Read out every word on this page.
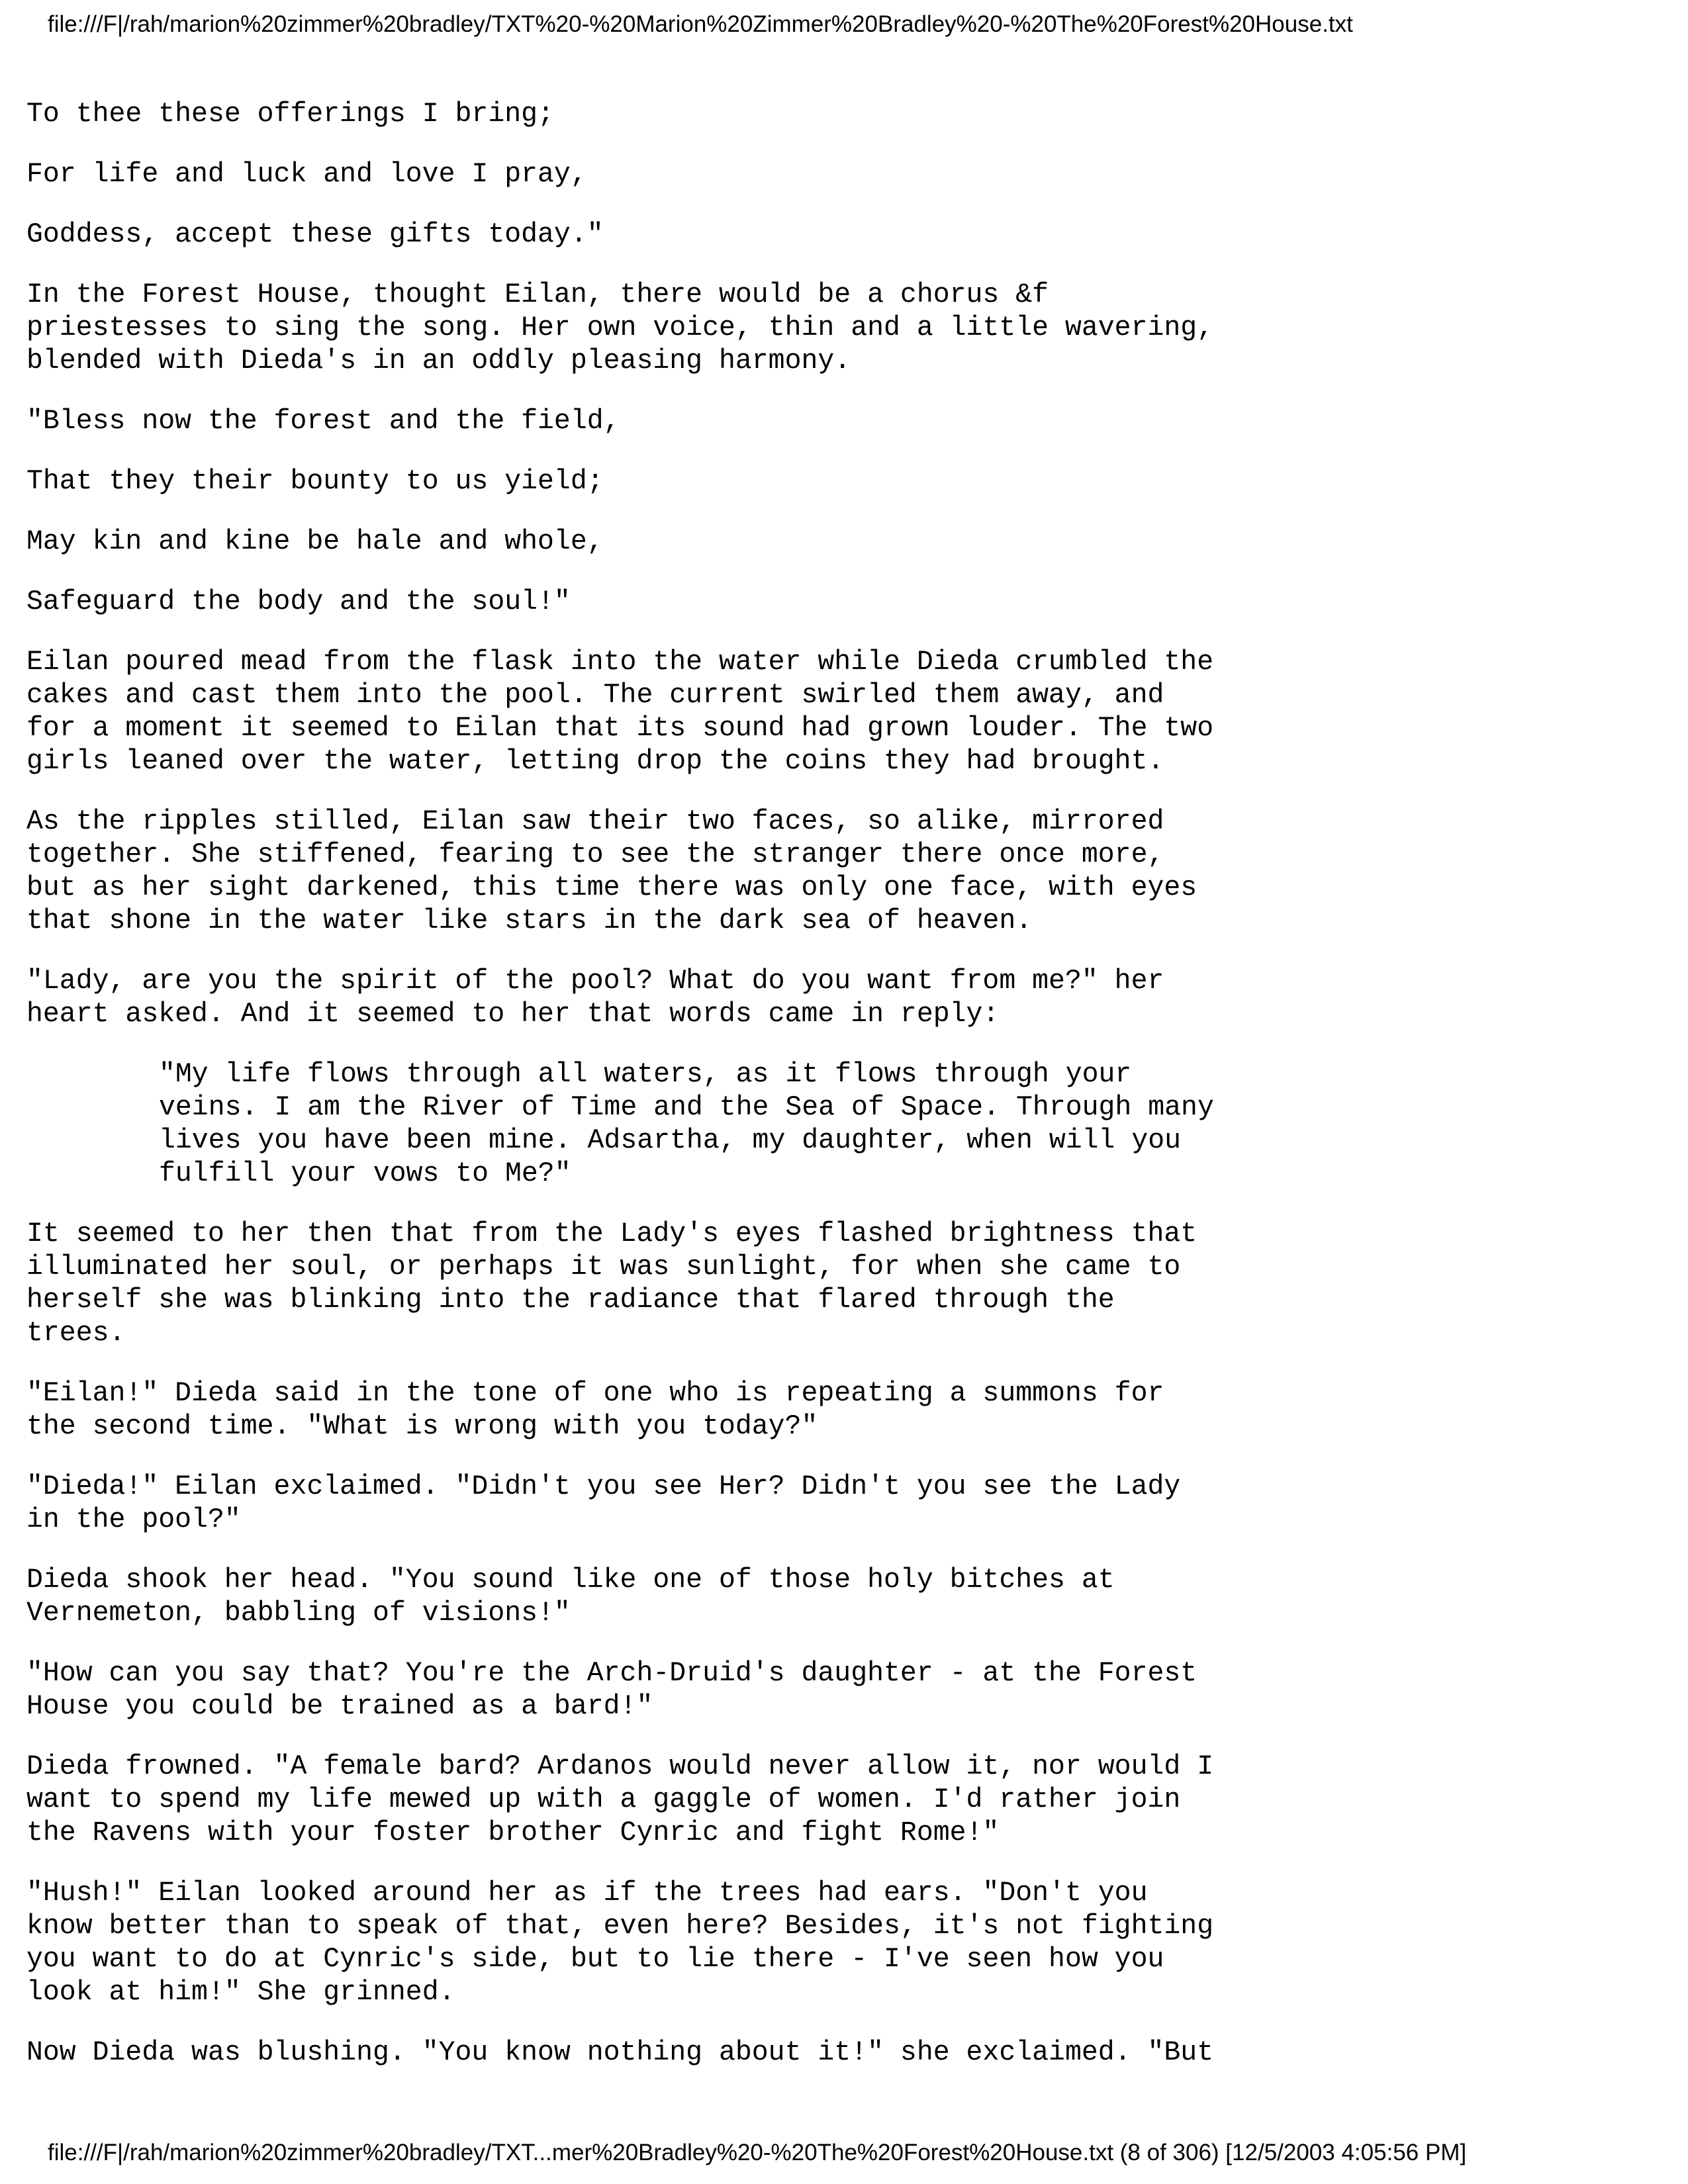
file:///F|/rah/marion%20zimmer%20bradley/TXT%20-%20Marion%20Zimmer%20Bradley%20-%20The%20Forest%20House.txt

To thee these offerings I bring;

For life and luck and love I pray,

Goddess, accept these gifts today."

In the Forest House, thought Eilan, there would be a chorus &f
priestesses to sing the song. Her own voice, thin and a little wavering,
blended with Dieda's in an oddly pleasing harmony.

"Bless now the forest and the field,

That they their bounty to us yield;

May kin and kine be hale and whole,

Safeguard the body and the soul!"

Eilan poured mead from the flask into the water while Dieda crumbled the
cakes and cast them into the pool. The current swirled them away, and
for a moment it seemed to Eilan that its sound had grown louder. The two
girls leaned over the water, letting drop the coins they had brought.

As the ripples stilled, Eilan saw their two faces, so alike, mirrored
together. She stiffened, fearing to see the stranger there once more,
but as her sight darkened, this time there was only one face, with eyes
that shone in the water like stars in the dark sea of heaven.

"Lady, are you the spirit of the pool? What do you want from me?" her
heart asked. And it seemed to her that words came in reply:

"My life flows through all waters, as it flows through your
veins. I am the River of Time and the Sea of Space. Through many
lives you have been mine. Adsartha, my daughter, when will you
fulfill your vows to Me?"

It seemed to her then that from the Lady's eyes flashed brightness that
illuminated her soul, or perhaps it was sunlight, for when she came to
herself she was blinking into the radiance that flared through the
trees.

"Eilan!" Dieda said in the tone of one who is repeating a summons for
the second time. "What is wrong with you today?"

"Dieda!" Eilan exclaimed. "Didn't you see Her? Didn't you see the Lady
in the pool?"

Dieda shook her head. "You sound like one of those holy bitches at
Vernemeton, babbling of visions!"

"How can you say that? You're the Arch-Druid's daughter - at the Forest
House you could be trained as a bard!"

Dieda frowned. "A female bard? Ardanos would never allow it, nor would I
want to spend my life mewed up with a gaggle of women. I'd rather join
the Ravens with your foster brother Cynric and fight Rome!"

"Hush!" Eilan looked around her as if the trees had ears. "Don't you
know better than to speak of that, even here? Besides, it's not fighting
you want to do at Cynric's side, but to lie there - I've seen how you
look at him!" She grinned.

Now Dieda was blushing. "You know nothing about it!" she exclaimed. "But

file:///F|/rah/marion%20zimmer%20bradley/TXT...mer%20Bradley%20-%20The%20Forest%20House.txt (8 of 306) [12/5/2003 4:05:56 PM]
